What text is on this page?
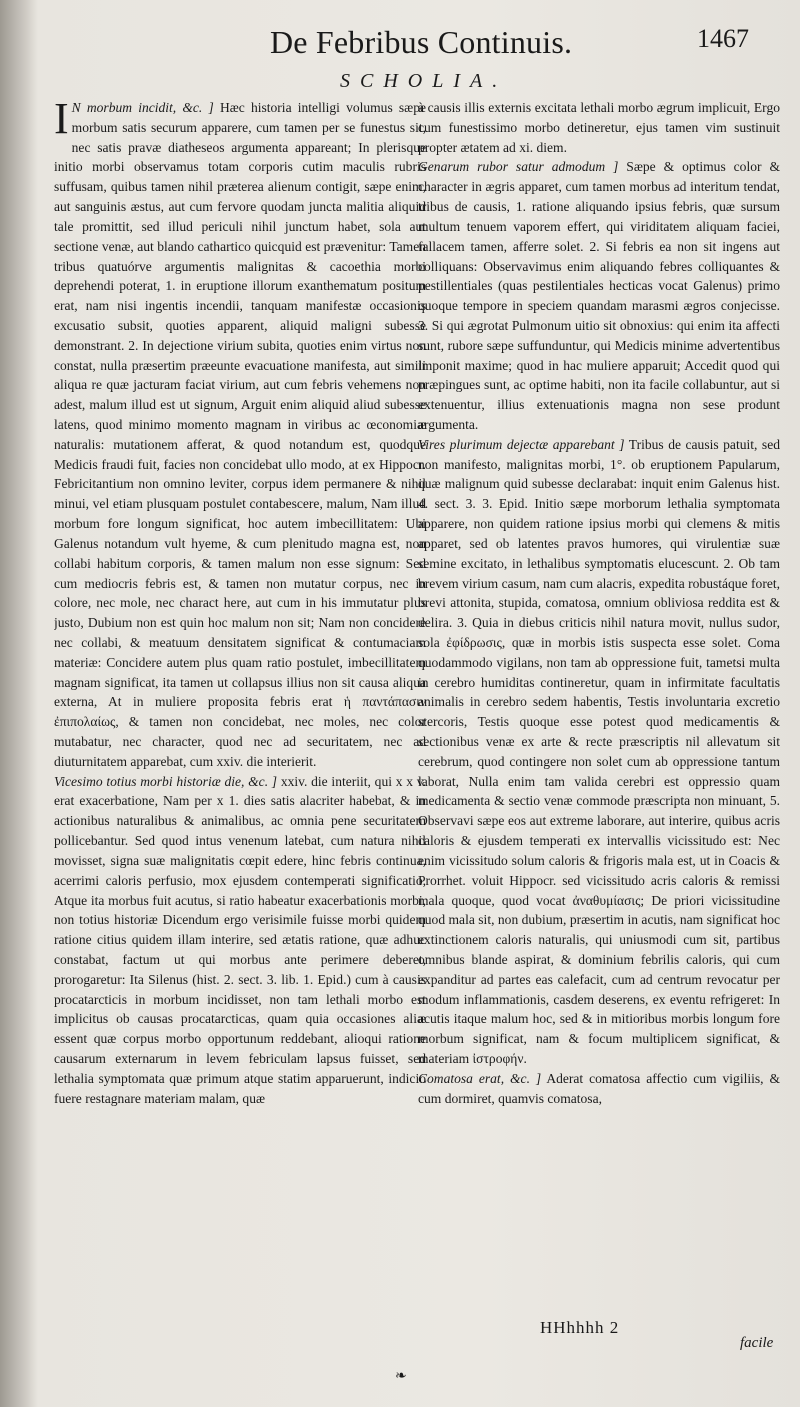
De Febribus Continuis.	1467
SCHOLIA.

I N morbum incidit, &c. ] Hæc historia intelligi volumus sæpe morbum satis securum apparere, cum tamen per se funestus sit, nec satis pravæ diatheseos argumenta appareant; In plerisque initio morbi observamus totam corporis cutim maculis rubris suffusam, quibus tamen nihil præterea alienum contigit, sæpe enim, aut sanguinis æstus, aut cum fervore quodam juncta malitia aliquid tale promittit, sed illud periculi nihil junctum habet, sola aut sectione venæ, aut blando cathartico quicquid est prævenitur: Tamen tribus quatuórve argumentis malignitas & cacoethia morbi deprehendi poterat, 1. in eruptione illorum exanthematum positum erat, nam nisi ingentis incendii, tanquam manifestæ occasionis excusatio subsit, quoties apparent, aliquid maligni subesse demonstrant. 2. In dejectione virium subita, quoties enim virtus non constat, nulla præsertim præeunte evacuatione manifesta, aut simili aliqua re quæ jacturam faciat virium, aut cum febris vehemens non adest, malum illud est ut signum, Arguit enim aliquid aliud subesse latens, quod minimo momento magnam in viribus ac œconomiæ naturalis: mutationem afferat, & quod notandum est, quodque Medicis fraudi fuit, facies non concidebat ullo modo, at ex Hippocr. Febricitantium non omnino leviter, corpus idem permanere & nihil minui, vel etiam plusquam postulet contabescere, malum, Nam illud morbum fore longum significat, hoc autem imbecillitatem: Ubi Galenus notandum vult hyeme, & cum plenitudo magna est, non collabi habitum corporis, & tamen malum non esse signum: Sed cum mediocris febris est, & tamen non mutatur corpus, nec in colore, nec mole, nec charact here, aut cum in his immutatur plus justo, Dubium non est quin hoc malum non sit; Nam non concidere nec collabi, & meatuum densitatem significat & contumaciam materiæ: Concidere autem plus quam ratio postulet, imbecillitatem magnam significat, ita tamen ut collapsus illius non sit causa aliqua externa, At in muliere proposita febris erat ἡ παντάπασιν ἐπιπολαίως, & tamen non concidebat, nec moles, nec color mutabatur, nec character, quod nec ad securitatem, nec ad diuturnitatem apparebat, cum xxiv. die interierit.

Vicesimo totius morbi historiæ die, &c. ] xxiv. die interiit, qui x x v. erat exacerbatione, Nam per x 1. dies satis alacriter habebat, & in actionibus naturalibus & animalibus, ac omnia pene securitatem pollicebantur. Sed quod intus venenum latebat, cum natura nihil movisset, signa suæ malignitatis cœpit edere, hinc febris continua, acerrimi caloris perfusio, mox ejusdem contemperati significatio, Atque ita morbus fuit acutus, si ratio habeatur exacerbationis morbi, non totius historiæ Dicendum ergo verisimile fuisse morbi quidem ratione citius quidem illam interire, sed ætatis ratione, quæ adhuc constabat, factum ut qui morbus ante perimere deberet, prorogaretur: Ita Silenus (hist. 2. sect. 3. lib. 1. Epid.) cum à causis procatarcticis in morbum incidisset, non tam lethali morbo est implicitus ob causas procatarcticas, quam quia occasiones aliæ essent quæ corpus morbo opportunum reddebant, alioqui ratione causarum externarum in levem febriculam lapsus fuisset, sed lethalia symptomata quæ primum atque statim apparuerunt, indicio fuere restagnare materiam malam, quæ

à causis illis externis excitata lethali morbo ægrum implicuit, Ergo cum funestissimo morbo detineretur, ejus tamen vim sustinuit propter ætatem ad xi. diem.

Genarum rubor satur admodum ] Sæpe & optimus color & character in ægris apparet, cum tamen morbus ad interitum tendat, tribus de causis, 1. ratione aliquando ipsius febris, quæ sursum multum tenuem vaporem effert, qui viriditatem aliquam faciei, fallacem tamen, afferre solet. 2. Si febris ea non sit ingens aut colliquans: Observavimus enim aliquando febres colliquantes & pestillentiales (quas pestilentiales hecticas vocat Galenus) primo quoque tempore in speciem quandam marasmi ægros conjecisse. 3. Si qui ægrotat Pulmonum uitio sit obnoxius: qui enim ita affecti sunt, rubore sæpe suffunduntur, qui Medicis minime advertentibus imponit maxime; quod in hac muliere apparuit; Accedit quod qui præpingues sunt, ac optime habiti, non ita facile collabuntur, aut si extenuentur, illius extenuationis magna non sese produnt argumenta.

Vires plurimum dejectæ apparebant ] Tribus de causis patuit, sed non manifesto, malignitas morbi, 1°. ob eruptionem Papularum, quæ malignum quid subesse declarabat: inquit enim Galenus hist. 4. sect. 3. 3. Epid. Initio sæpe morborum lethalia symptomata apparere, non quidem ratione ipsius morbi qui clemens & mitis apparet, sed ob latentes pravos humores, qui virulentiæ suæ semine excitato, in lethalibus symptomatis elucescunt. 2. Ob tam brevem virium casum, nam cum alacris, expedita robustáque foret, brevi attonita, stupida, comatosa, omnium obliviosa reddita est & delira. 3. Quia in diebus criticis nihil natura movit, nullus sudor, sola ἐφίδρωσις, quæ in morbis istis suspecta esse solet. Coma quodammodo vigilans, non tam ab oppressione fuit, tametsi multa in cerebro humiditas contineretur, quam in infirmitate facultatis animalis in cerebro sedem habentis, Testis involuntaria excretio stercoris, Testis quoque esse potest quod medicamentis & sectionibus venæ ex arte & recte præscriptis nil allevatum sit cerebrum, quod contingere non solet cum ab oppressione tantum laborat, Nulla enim tam valida cerebri est oppressio quam medicamenta & sectio venæ commode præscripta non minuant, 5. Observavi sæpe eos aut extreme laborare, aut interire, quibus acris caloris & ejusdem temperati ex intervallis vicissitudo est: Nec enim vicissitudo solum caloris & frigoris mala est, ut in Coacis & Prorrhet. voluit Hippocr. sed vicissitudo acris caloris & remissi mala quoque, quod vocat ἀναθυμίασις; De priori vicissitudine quod mala sit, non dubium, præsertim in acutis, nam significat hoc extinctionem caloris naturalis, qui uniusmodi cum sit, partibus omnibus blande aspirat, & dominium febrilis caloris, qui cum expanditur ad partes eas calefacit, cum ad centrum revocatur per modum inflammationis, casdem deserens, ex eventu refrigeret: In acutis itaque malum hoc, sed & in mitioribus morbis longum fore morbum significat, nam & focum multiplicem significat, & materiam ἰστροφήν.

Comatosa erat, &c. ] Aderat comatosa affectio cum vigiliis, & cum dormiret, quamvis comatosa,

HHhhhh 2
facile
❧
